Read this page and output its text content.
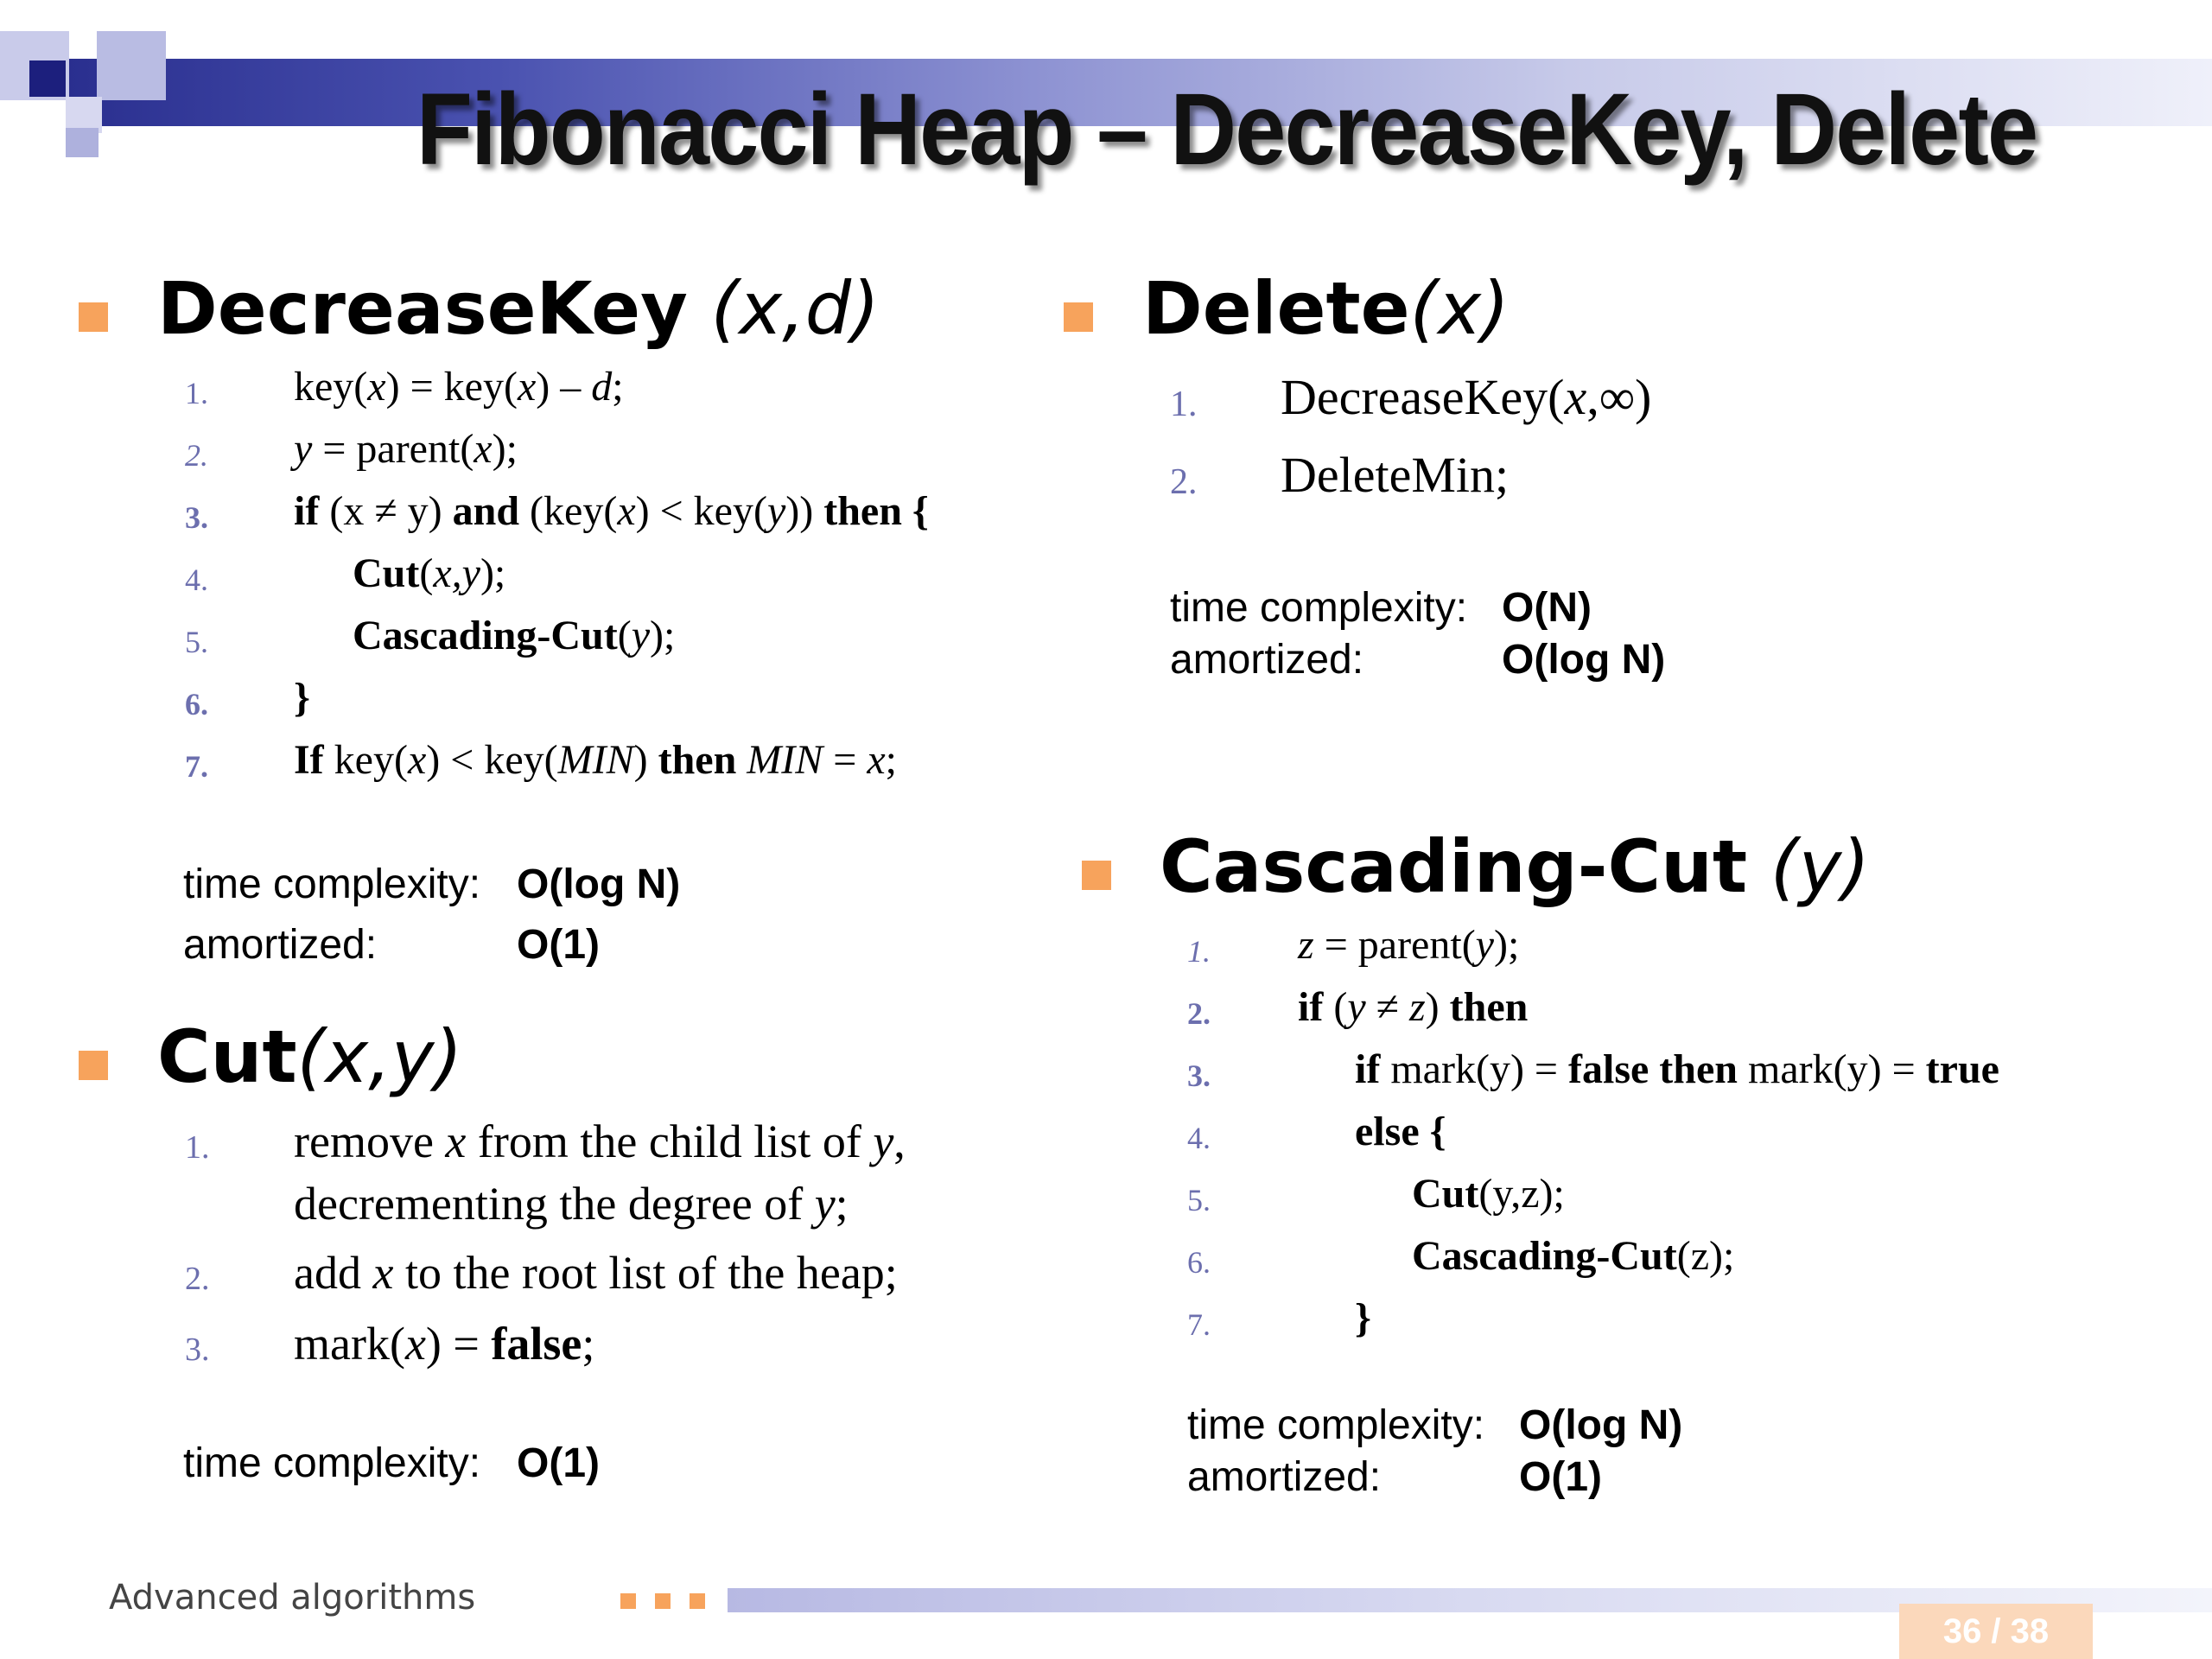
Fibonacci Heap – DecreaseKey, Delete
DecreaseKey (x,d)
1. key(x) = key(x) – d;
2. y = parent(x);
3. if (x ≠ y) and (key(x) < key(y)) then {
4.	Cut(x,y);
5.	Cascading-Cut(y);
6. }
7. If key(x) < key(MIN) then MIN = x;
time complexity: O(log N)
amortized:	O(1)
Cut(x,y)
1. remove x from the child list of y,
decrementing the degree of y;
2. add x to the root list of the heap;
3. mark(x) = false;
time complexity: O(1)
Delete(x)
1. DecreaseKey(x,∞)
2. DeleteMin;
time complexity: O(N)
amortized:	O(log N)
Cascading-Cut (y)
1. z = parent(y);
2. if (y ≠ z) then
3.	if mark(y) = false then mark(y) = true
4.	else {
5.	Cut(y,z);
6.	Cascading-Cut(z);
7.	}
time complexity: O(log N)
amortized:	O(1)
Advanced algorithms
36 / 38
